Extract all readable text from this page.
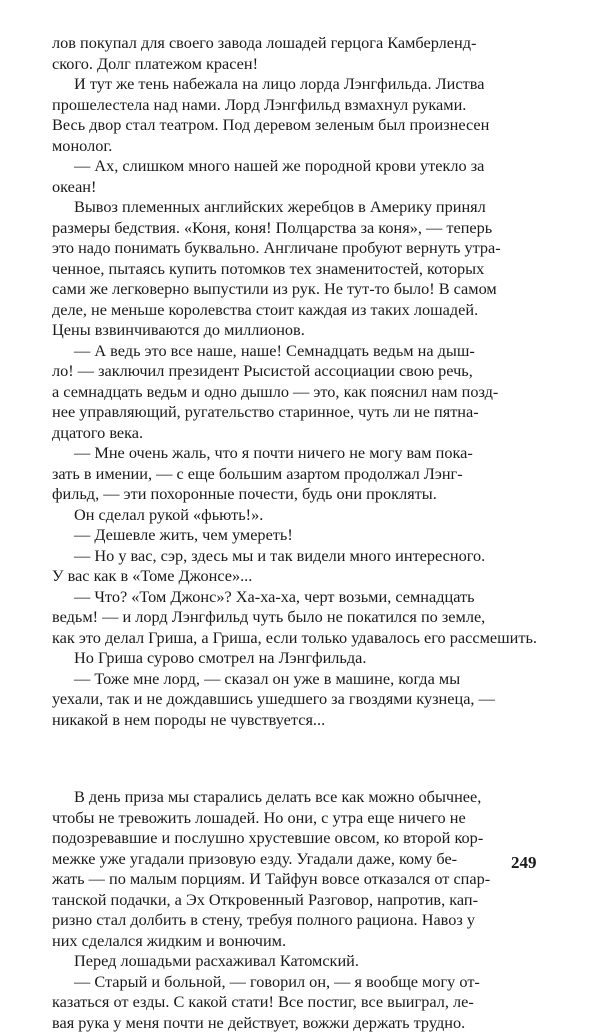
лов покупал для своего завода лошадей герцога Камберленд-
ского. Долг платежом красен!
И тут же тень набежала на лицо лорда Лэнгфильда. Листва
прошелестела над нами. Лорд Лэнгфильд взмахнул руками.
Весь двор стал театром. Под деревом зеленым был произнесен
монолог.
— Ах, слишком много нашей же породной крови утекло за
океан!
Вывоз племенных английских жеребцов в Америку принял
размеры бедствия. «Коня, коня! Полцарства за коня», — теперь
это надо понимать буквально. Англичане пробуют вернуть утра-
ченное, пытаясь купить потомков тех знаменитостей, которых
сами же легковерно выпустили из рук. Не тут-то было! В самом
деле, не меньше королевства стоит каждая из таких лошадей.
Цены взвинчиваются до миллионов.
— А ведь это все наше, наше! Семнадцать ведьм на дыш-
ло! — заключил президент Рысистой ассоциации свою речь,
а семнадцать ведьм и одно дышло — это, как пояснил нам позд-
нее управляющий, ругательство старинное, чуть ли не пятна-
дцатого века.
— Мне очень жаль, что я почти ничего не могу вам пока-
зать в имении, — с еще большим азартом продолжал Лэнг-
фильд, — эти похоронные почести, будь они прокляты.
Он сделал рукой «фьють!».
— Дешевле жить, чем умереть!
— Но у вас, сэр, здесь мы и так видели много интересного.
У вас как в «Томе Джонсе»...
— Что? «Том Джонс»? Ха-ха-ха, черт возьми, семнадцать
ведьм! — и лорд Лэнгфильд чуть было не покатился по земле,
как это делал Гриша, а Гриша, если только удавалось его рассмешить.
Но Гриша сурово смотрел на Лэнгфильда.
— Тоже мне лорд, — сказал он уже в машине, когда мы
уехали, так и не дождавшись ушедшего за гвоздями кузнеца, —
никакой в нем породы не чувствуется...
В день приза мы старались делать все как можно обычнее,
чтобы не тревожить лошадей. Но они, с утра еще ничего не
подозревавшие и послушно хрустевшие овсом, ко второй кор-
межке уже угадали призовую езду. Угадали даже, кому бе-
жать — по малым порциям. И Тайфун вовсе отказался от спар-
танской подачки, а Эх Откровенный Разговор, напротив, кап-
ризно стал долбить в стену, требуя полного рациона. Навоз у
них сделался жидким и вонючим.
Перед лошадьми расхаживал Катомский.
— Старый и больной, — говорил он, — я вообще могу от-
казаться от езды. С какой стати! Все постиг, все выиграл, ле-
вая рука у меня почти не действует, вожжи держать трудно.
249
